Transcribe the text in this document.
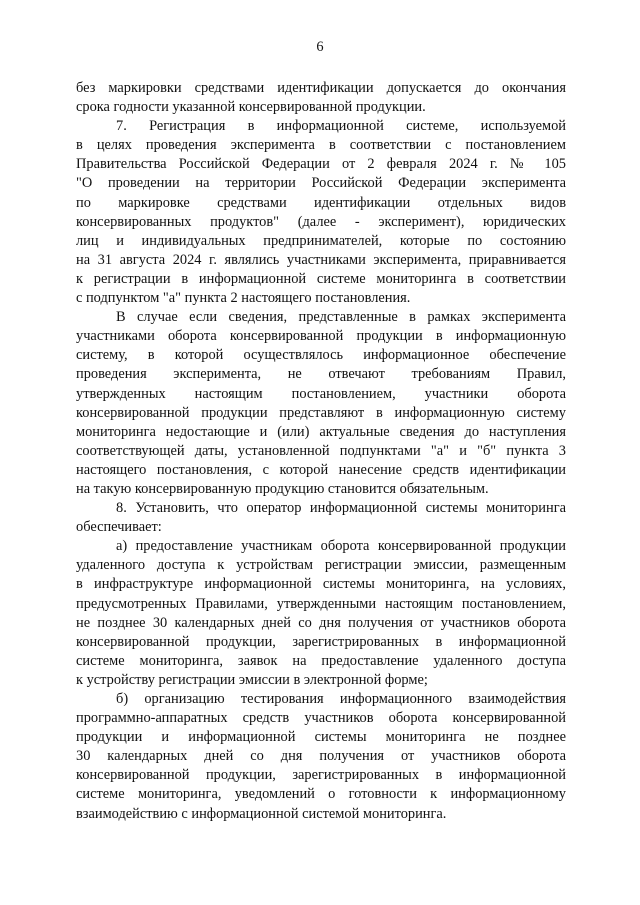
6
без маркировки средствами идентификации допускается до окончания
срока годности указанной консервированной продукции.
7. Регистрация в информационной системе, используемой
в целях проведения эксперимента в соответствии с постановлением
Правительства Российской Федерации от 2 февраля 2024 г. № 105
"О проведении на территории Российской Федерации эксперимента
по маркировке средствами идентификации отдельных видов
консервированных продуктов" (далее - эксперимент), юридических
лиц и индивидуальных предпринимателей, которые по состоянию
на 31 августа 2024 г. являлись участниками эксперимента, приравнивается
к регистрации в информационной системе мониторинга в соответствии
с подпунктом "а" пункта 2 настоящего постановления.
В случае если сведения, представленные в рамках эксперимента
участниками оборота консервированной продукции в информационную
систему, в которой осуществлялось информационное обеспечение
проведения эксперимента, не отвечают требованиям Правил,
утвержденных настоящим постановлением, участники оборота
консервированной продукции представляют в информационную систему
мониторинга недостающие и (или) актуальные сведения до наступления
соответствующей даты, установленной подпунктами "а" и "б" пункта 3
настоящего постановления, с которой нанесение средств идентификации
на такую консервированную продукцию становится обязательным.
8. Установить, что оператор информационной системы мониторинга
обеспечивает:
а) предоставление участникам оборота консервированной продукции
удаленного доступа к устройствам регистрации эмиссии, размещенным
в инфраструктуре информационной системы мониторинга, на условиях,
предусмотренных Правилами, утвержденными настоящим постановлением,
не позднее 30 календарных дней со дня получения от участников оборота
консервированной продукции, зарегистрированных в информационной
системе мониторинга, заявок на предоставление удаленного доступа
к устройству регистрации эмиссии в электронной форме;
б) организацию тестирования информационного взаимодействия
программно-аппаратных средств участников оборота консервированной
продукции и информационной системы мониторинга не позднее
30 календарных дней со дня получения от участников оборота
консервированной продукции, зарегистрированных в информационной
системе мониторинга, уведомлений о готовности к информационному
взаимодействию с информационной системой мониторинга.
